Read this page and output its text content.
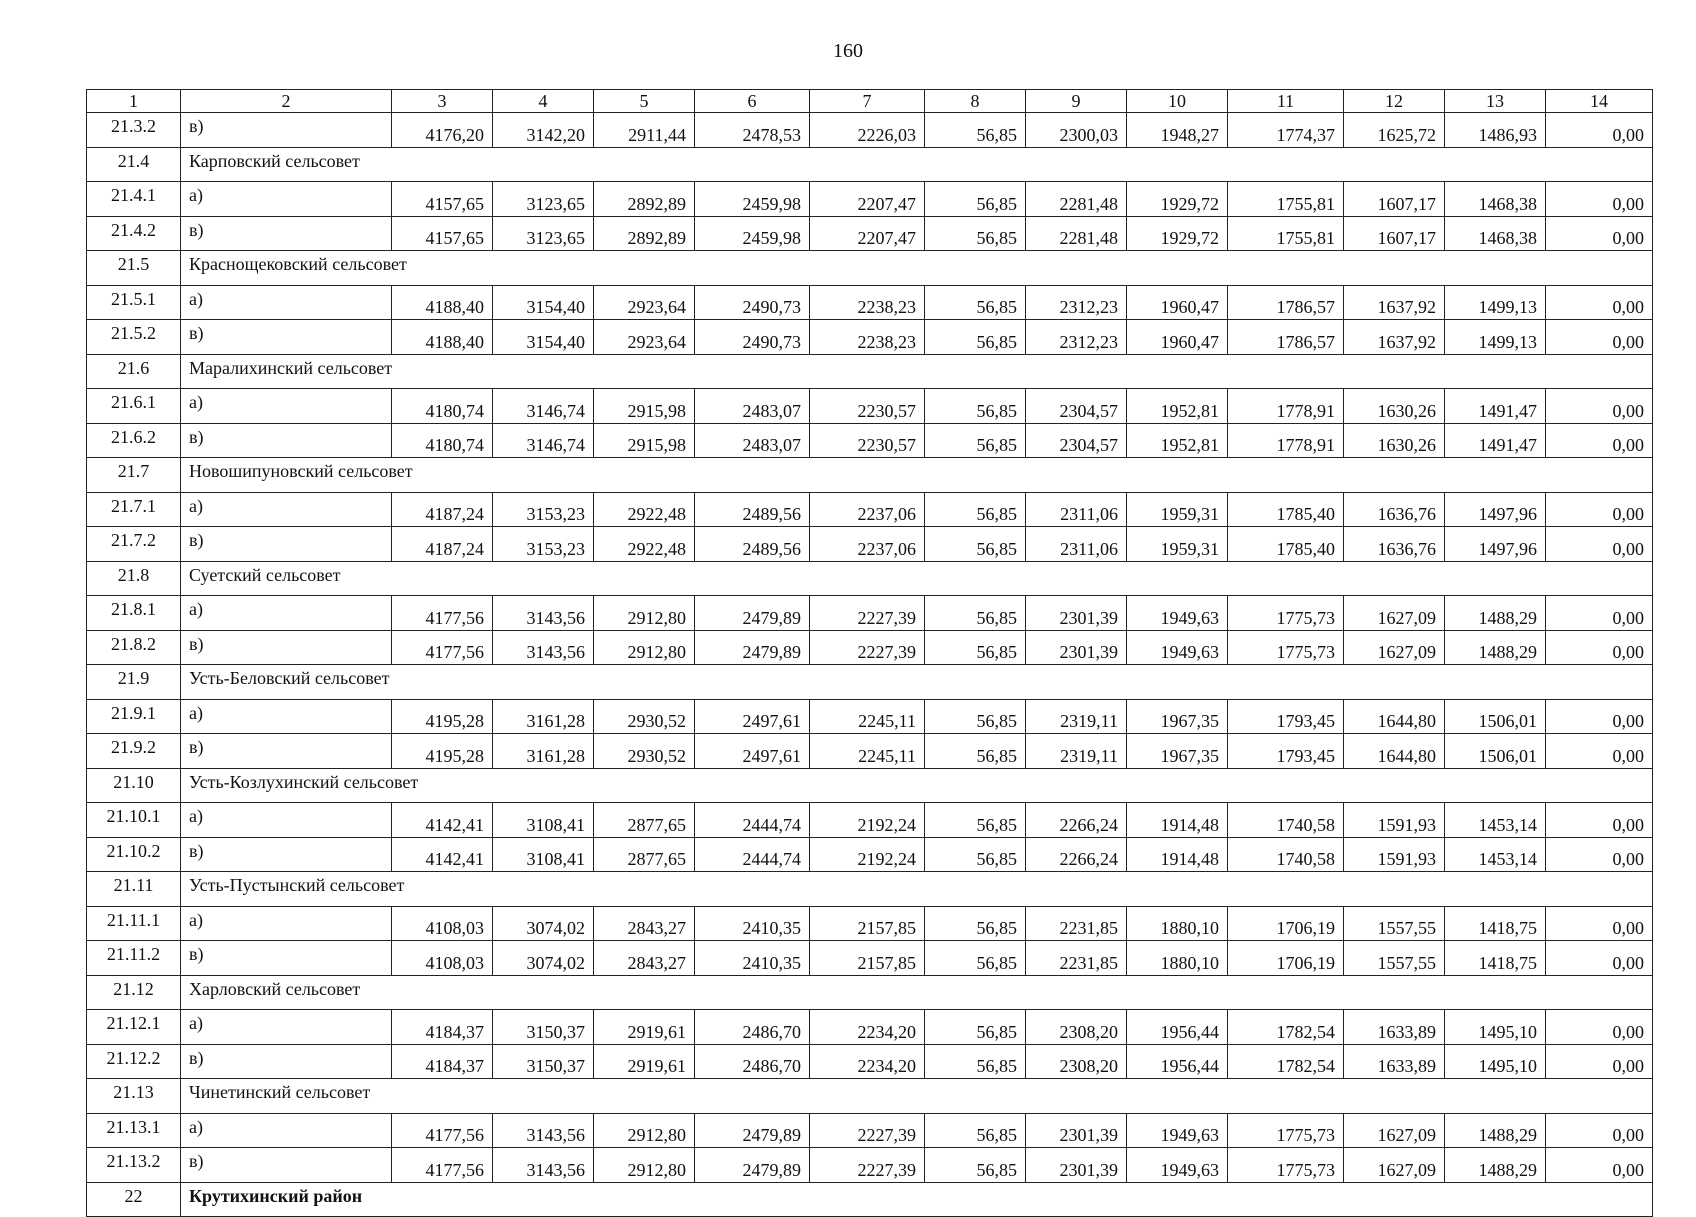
160
1	2	3	4	5	6	7	8	9	10	11	12	13	14
21.3.2	в)	4176,20	3142,20	2911,44	2478,53	2226,03	56,85	2300,03	1948,27	1774,37	1625,72	1486,93	0,00
21.4	Карповский сельсовет												
21.4.1	а)	4157,65	3123,65	2892,89	2459,98	2207,47	56,85	2281,48	1929,72	1755,81	1607,17	1468,38	0,00
21.4.2	в)	4157,65	3123,65	2892,89	2459,98	2207,47	56,85	2281,48	1929,72	1755,81	1607,17	1468,38	0,00
21.5	Краснощековский сельсовет												
21.5.1	а)	4188,40	3154,40	2923,64	2490,73	2238,23	56,85	2312,23	1960,47	1786,57	1637,92	1499,13	0,00
21.5.2	в)	4188,40	3154,40	2923,64	2490,73	2238,23	56,85	2312,23	1960,47	1786,57	1637,92	1499,13	0,00
21.6	Маралихинский сельсовет												
21.6.1	а)	4180,74	3146,74	2915,98	2483,07	2230,57	56,85	2304,57	1952,81	1778,91	1630,26	1491,47	0,00
21.6.2	в)	4180,74	3146,74	2915,98	2483,07	2230,57	56,85	2304,57	1952,81	1778,91	1630,26	1491,47	0,00
21.7	Новошипуновский сельсовет												
21.7.1	а)	4187,24	3153,23	2922,48	2489,56	2237,06	56,85	2311,06	1959,31	1785,40	1636,76	1497,96	0,00
21.7.2	в)	4187,24	3153,23	2922,48	2489,56	2237,06	56,85	2311,06	1959,31	1785,40	1636,76	1497,96	0,00
21.8	Суетский сельсовет												
21.8.1	а)	4177,56	3143,56	2912,80	2479,89	2227,39	56,85	2301,39	1949,63	1775,73	1627,09	1488,29	0,00
21.8.2	в)	4177,56	3143,56	2912,80	2479,89	2227,39	56,85	2301,39	1949,63	1775,73	1627,09	1488,29	0,00
21.9	Усть-Беловский сельсовет												
21.9.1	а)	4195,28	3161,28	2930,52	2497,61	2245,11	56,85	2319,11	1967,35	1793,45	1644,80	1506,01	0,00
21.9.2	в)	4195,28	3161,28	2930,52	2497,61	2245,11	56,85	2319,11	1967,35	1793,45	1644,80	1506,01	0,00
21.10	Усть-Козлухинский сельсовет												
21.10.1	а)	4142,41	3108,41	2877,65	2444,74	2192,24	56,85	2266,24	1914,48	1740,58	1591,93	1453,14	0,00
21.10.2	в)	4142,41	3108,41	2877,65	2444,74	2192,24	56,85	2266,24	1914,48	1740,58	1591,93	1453,14	0,00
21.11	Усть-Пустынский сельсовет												
21.11.1	а)	4108,03	3074,02	2843,27	2410,35	2157,85	56,85	2231,85	1880,10	1706,19	1557,55	1418,75	0,00
21.11.2	в)	4108,03	3074,02	2843,27	2410,35	2157,85	56,85	2231,85	1880,10	1706,19	1557,55	1418,75	0,00
21.12	Харловский сельсовет												
21.12.1	а)	4184,37	3150,37	2919,61	2486,70	2234,20	56,85	2308,20	1956,44	1782,54	1633,89	1495,10	0,00
21.12.2	в)	4184,37	3150,37	2919,61	2486,70	2234,20	56,85	2308,20	1956,44	1782,54	1633,89	1495,10	0,00
21.13	Чинетинский сельсовет												
21.13.1	а)	4177,56	3143,56	2912,80	2479,89	2227,39	56,85	2301,39	1949,63	1775,73	1627,09	1488,29	0,00
21.13.2	в)	4177,56	3143,56	2912,80	2479,89	2227,39	56,85	2301,39	1949,63	1775,73	1627,09	1488,29	0,00
22	Крутихинский район												
